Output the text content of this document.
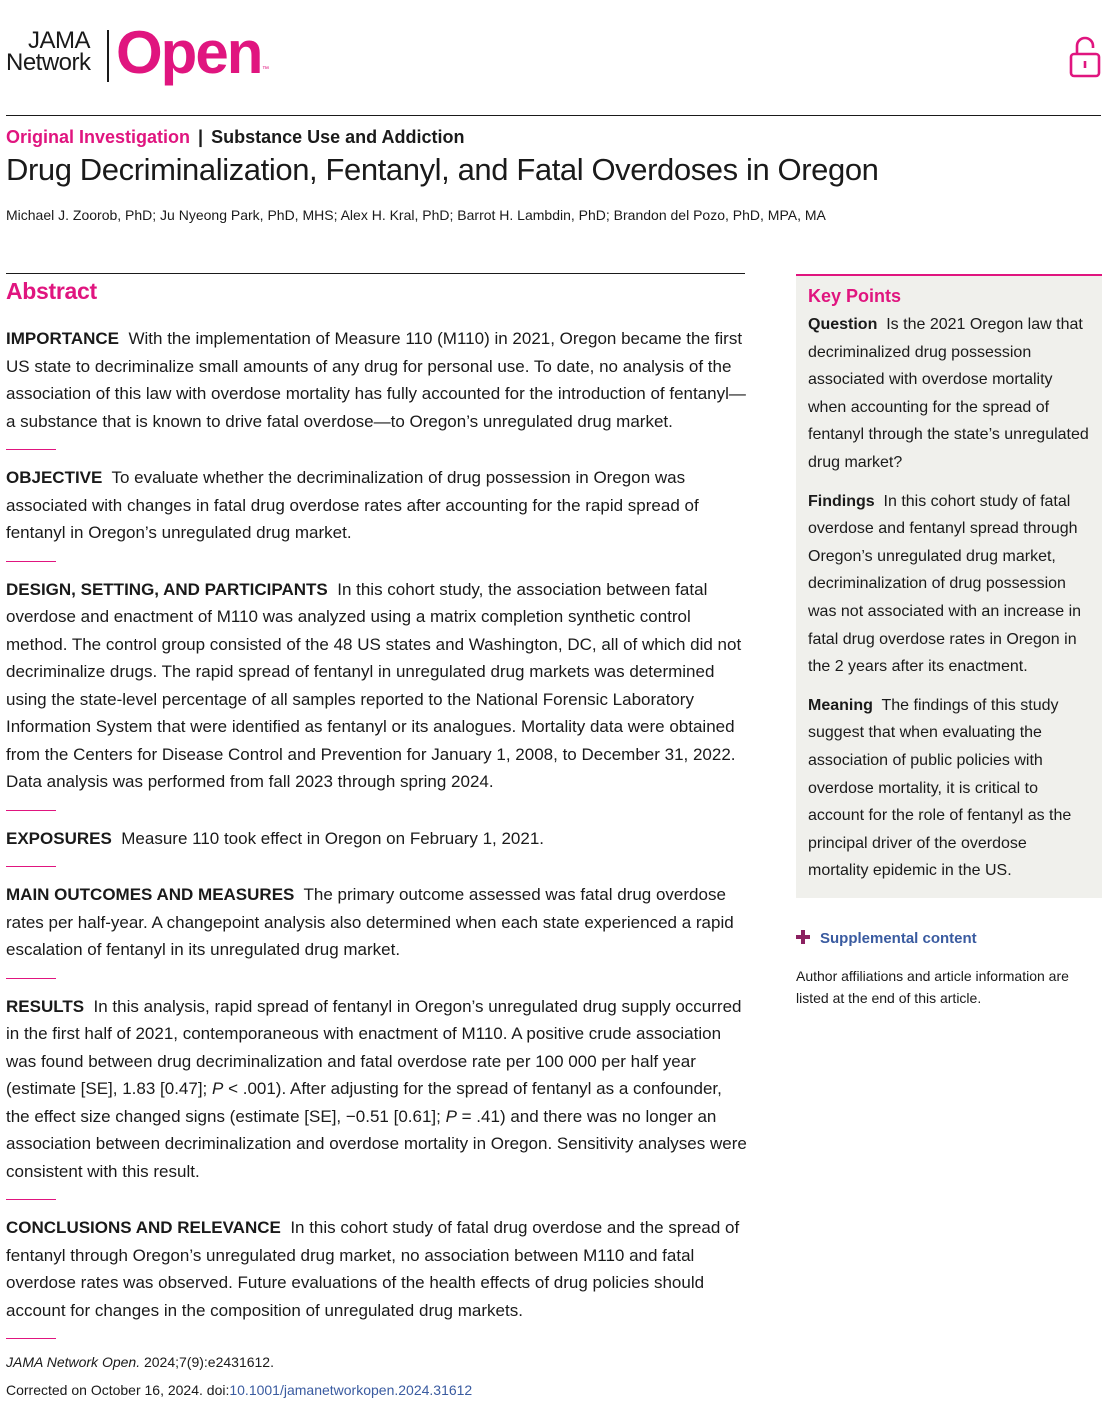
JAMA
Network Open ™
Original Investigation | Substance Use and Addiction
Drug Decriminalization, Fentanyl, and Fatal Overdoses in Oregon
Michael J. Zoorob, PhD; Ju Nyeong Park, PhD, MHS; Alex H. Kral, PhD; Barrot H. Lambdin, PhD; Brandon del Pozo, PhD, MPA, MA
Abstract

IMPORTANCE With the implementation of Measure 110 (M110) in 2021, Oregon became the first US state to decriminalize small amounts of any drug for personal use. To date, no analysis of the association of this law with overdose mortality has fully accounted for the introduction of fentanyl—a substance that is known to drive fatal overdose—to Oregon’s unregulated drug market.

OBJECTIVE To evaluate whether the decriminalization of drug possession in Oregon was associated with changes in fatal drug overdose rates after accounting for the rapid spread of fentanyl in Oregon’s unregulated drug market.

DESIGN, SETTING, AND PARTICIPANTS In this cohort study, the association between fatal overdose and enactment of M110 was analyzed using a matrix completion synthetic control method. The control group consisted of the 48 US states and Washington, DC, all of which did not decriminalize drugs. The rapid spread of fentanyl in unregulated drug markets was determined using the state-level percentage of all samples reported to the National Forensic Laboratory Information System that were identified as fentanyl or its analogues. Mortality data were obtained from the Centers for Disease Control and Prevention for January 1, 2008, to December 31, 2022. Data analysis was performed from fall 2023 through spring 2024.

EXPOSURES Measure 110 took effect in Oregon on February 1, 2021.

MAIN OUTCOMES AND MEASURES The primary outcome assessed was fatal drug overdose rates per half-year. A changepoint analysis also determined when each state experienced a rapid escalation of fentanyl in its unregulated drug market.

RESULTS In this analysis, rapid spread of fentanyl in Oregon’s unregulated drug supply occurred in the first half of 2021, contemporaneous with enactment of M110. A positive crude association was found between drug decriminalization and fatal overdose rate per 100 000 per half year (estimate [SE], 1.83 [0.47]; P < .001). After adjusting for the spread of fentanyl as a confounder, the effect size changed signs (estimate [SE], −0.51 [0.61]; P = .41) and there was no longer an association between decriminalization and overdose mortality in Oregon. Sensitivity analyses were consistent with this result.

CONCLUSIONS AND RELEVANCE In this cohort study of fatal drug overdose and the spread of fentanyl through Oregon’s unregulated drug market, no association between M110 and fatal overdose rates was observed. Future evaluations of the health effects of drug policies should account for changes in the composition of unregulated drug markets.

Key Points

Question Is the 2021 Oregon law that decriminalized drug possession associated with overdose mortality when accounting for the spread of fentanyl through the state’s unregulated drug market?

Findings In this cohort study of fatal overdose and fentanyl spread through Oregon’s unregulated drug market, decriminalization of drug possession was not associated with an increase in fatal drug overdose rates in Oregon in the 2 years after its enactment.

Meaning The findings of this study suggest that when evaluating the association of public policies with overdose mortality, it is critical to account for the role of fentanyl as the principal driver of the overdose mortality epidemic in the US.

Supplemental content
Author affiliations and article information are listed at the end of this article.
JAMA Network Open. 2024;7(9):e2431612.
Corrected on October 16, 2024. doi:10.1001/jamanetworkopen.2024.31612
